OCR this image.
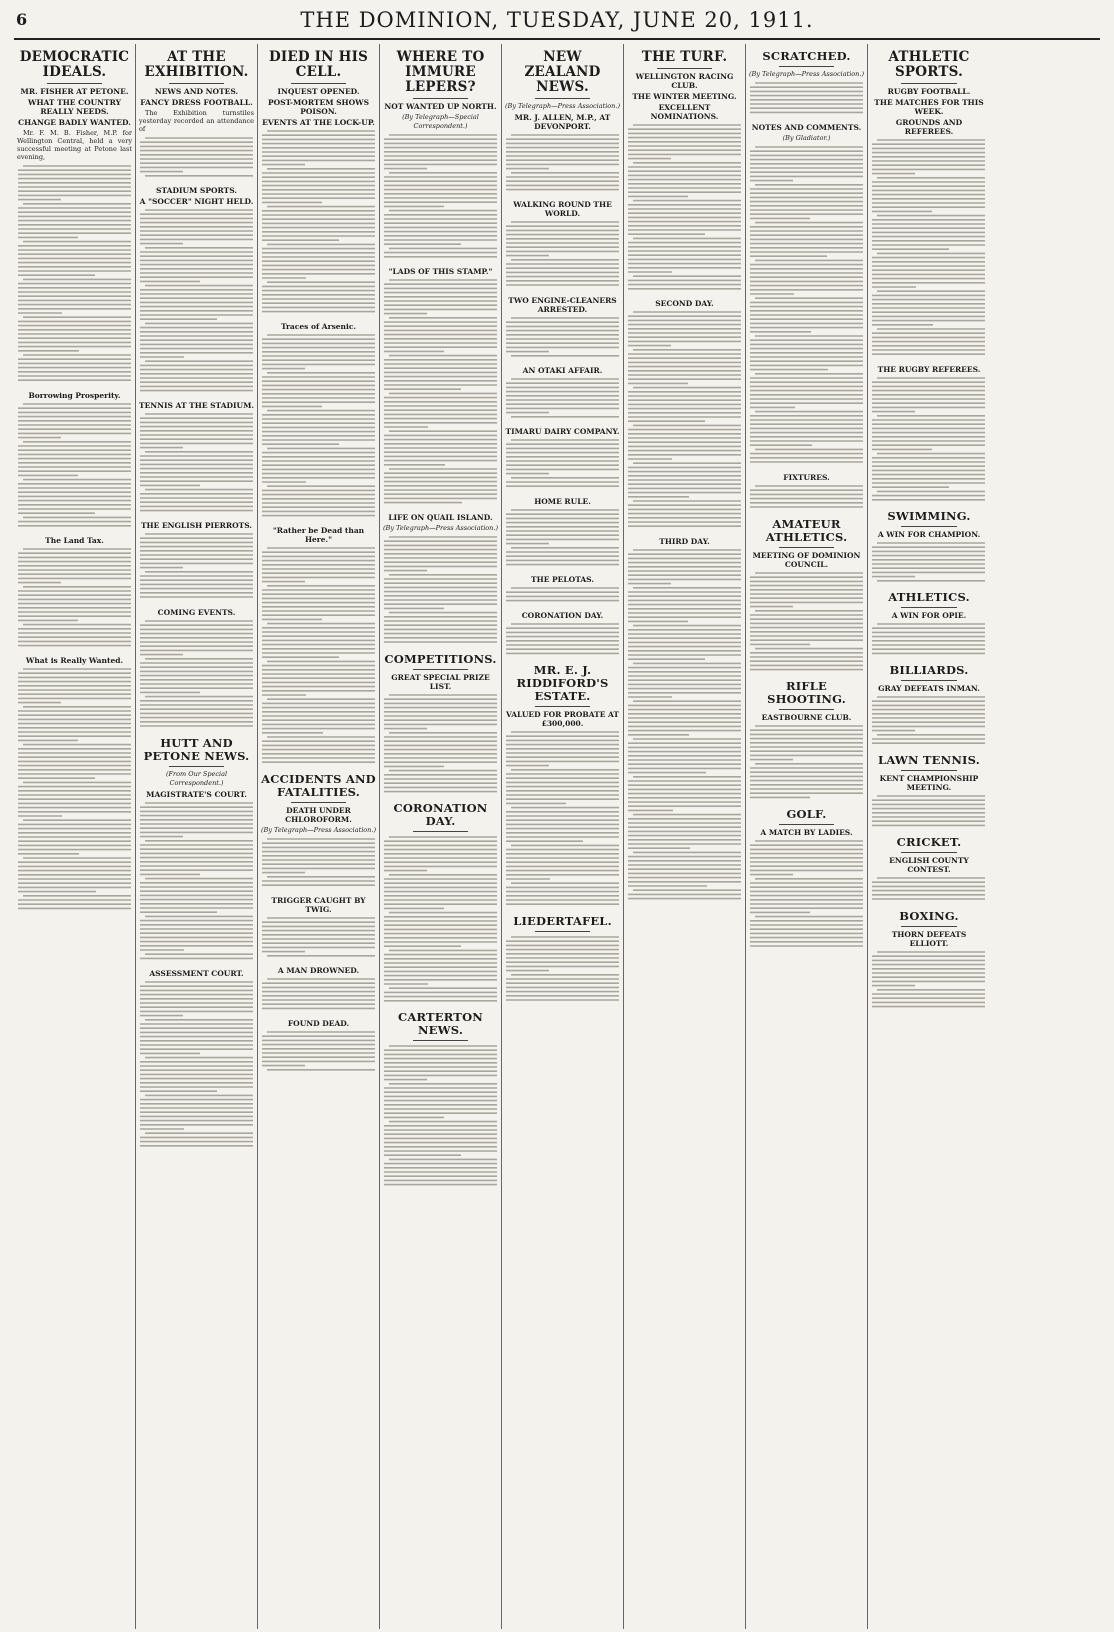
6	THE DOMINION, TUESDAY, JUNE 20, 1911.
DEMOCRATIC IDEALS.
MR. FISHER AT PETONE.
WHAT THE COUNTRY REALLY NEEDS.
CHANGE BADLY WANTED.
Mr. F. M. B. Fisher, M.P. for Wellington Central, held a very successful meeting at Petone last evening,
Borrowing Prosperity.
The Land Tax.
What is Really Wanted.
AT THE EXHIBITION.
NEWS AND NOTES.
FANCY DRESS FOOTBALL.
The Exhibition turnstiles yesterday recorded an attendance of
STADIUM SPORTS.
A "SOCCER" NIGHT HELD.
TENNIS AT THE STADIUM.
THE ENGLISH PIERROTS.
COMING EVENTS.
HUTT AND PETONE NEWS.
(From Our Special Correspondent.)
MAGISTRATE'S COURT.
ASSESSMENT COURT.
DIED IN HIS CELL.
INQUEST OPENED.
POST-MORTEM SHOWS POISON.
EVENTS AT THE LOCK-UP.
Traces of Arsenic.
"Rather be Dead than Here."
ACCIDENTS AND FATALITIES.
DEATH UNDER CHLOROFORM.
(By Telegraph—Press Association.)
TRIGGER CAUGHT BY TWIG.
A MAN DROWNED.
FOUND DEAD.
WHERE TO IMMURE LEPERS?
NOT WANTED UP NORTH.
(By Telegraph—Special Correspondent.)
"LADS OF THIS STAMP."
LIFE ON QUAIL ISLAND.
(By Telegraph—Press Association.)
COMPETITIONS.
GREAT SPECIAL PRIZE LIST.
CORONATION DAY.
CARTERTON NEWS.
NEW ZEALAND NEWS.
(By Telegraph—Press Association.)
MR. J. ALLEN, M.P., AT DEVONPORT.
WALKING ROUND THE WORLD.
TWO ENGINE-CLEANERS ARRESTED.
AN OTAKI AFFAIR.
TIMARU DAIRY COMPANY.
HOME RULE.
THE PELOTAS.
CORONATION DAY.
MR. E. J. RIDDIFORD'S ESTATE.
VALUED FOR PROBATE AT £300,000.
LIEDERTAFEL.
THE TURF.
WELLINGTON RACING CLUB.
THE WINTER MEETING.
EXCELLENT NOMINATIONS.
SECOND DAY.
THIRD DAY.
SCRATCHED.
(By Telegraph—Press Association.)
NOTES AND COMMENTS.
(By Gladiator.)
FIXTURES.
AMATEUR ATHLETICS.
MEETING OF DOMINION COUNCIL.
RIFLE SHOOTING.
EASTBOURNE CLUB.
GOLF.
A MATCH BY LADIES.
ATHLETIC SPORTS.
RUGBY FOOTBALL.
THE MATCHES FOR THIS WEEK.
GROUNDS AND REFEREES.
THE RUGBY REFEREES.
SWIMMING.
A WIN FOR CHAMPION.
ATHLETICS.
A WIN FOR OPIE.
BILLIARDS.
GRAY DEFEATS INMAN.
LAWN TENNIS.
KENT CHAMPIONSHIP MEETING.
CRICKET.
ENGLISH COUNTY CONTEST.
BOXING.
THORN DEFEATS ELLIOTT.
